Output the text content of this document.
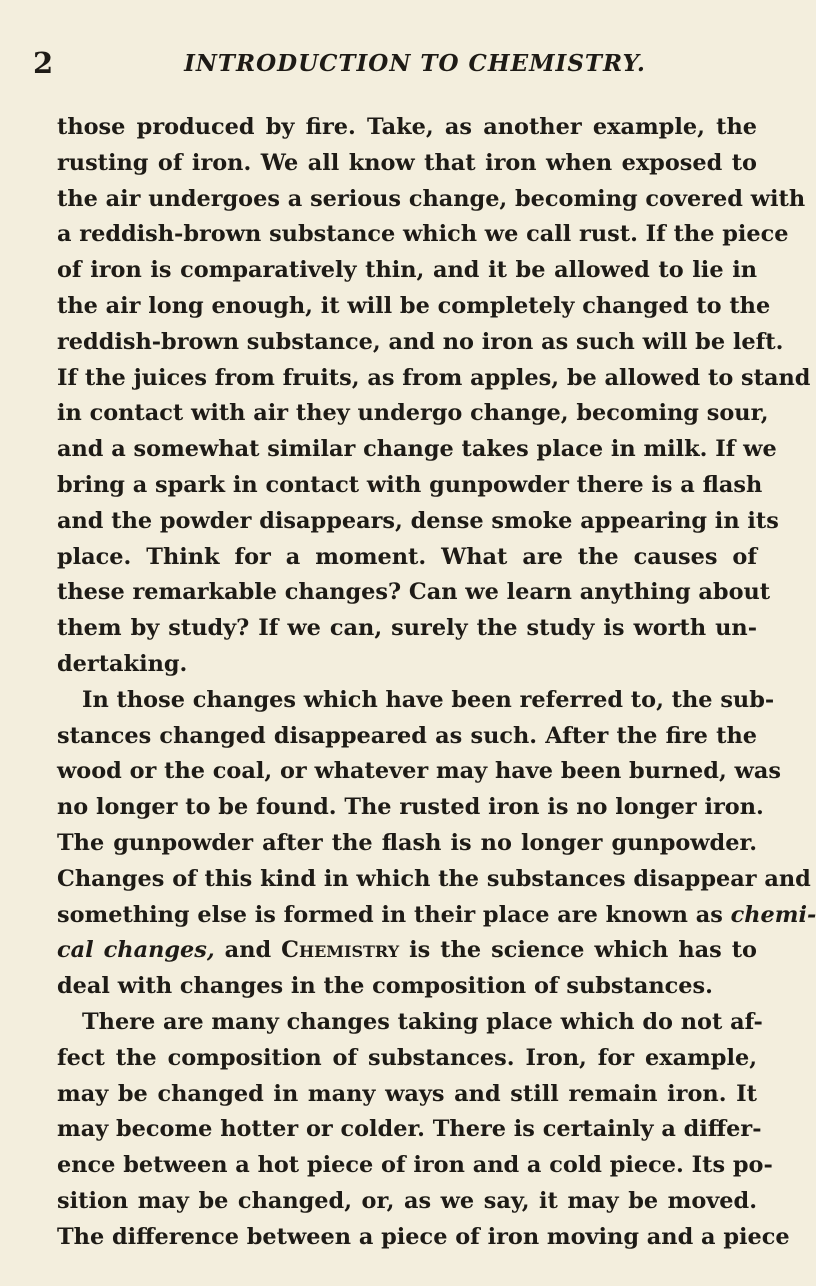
2	INTRODUCTION TO CHEMISTRY.
those produced by fire. Take, as another example, the
rusting of iron. We all know that iron when exposed to
the air undergoes a serious change, becoming covered with
a reddish-brown substance which we call rust. If the piece
of iron is comparatively thin, and it be allowed to lie in
the air long enough, it will be completely changed to the
reddish-brown substance, and no iron as such will be left.
If the juices from fruits, as from apples, be allowed to stand
in contact with air they undergo change, becoming sour,
and a somewhat similar change takes place in milk. If we
bring a spark in contact with gunpowder there is a flash
and the powder disappears, dense smoke appearing in its
place. Think for a moment. What are the causes of
these remarkable changes? Can we learn anything about
them by study? If we can, surely the study is worth un-
dertaking.
In those changes which have been referred to, the sub-
stances changed disappeared as such. After the fire the
wood or the coal, or whatever may have been burned, was
no longer to be found. The rusted iron is no longer iron.
The gunpowder after the flash is no longer gunpowder.
Changes of this kind in which the substances disappear and
something else is formed in their place are known as chemi-
cal changes, and Chemistry is the science which has to
deal with changes in the composition of substances.
There are many changes taking place which do not af-
fect the composition of substances. Iron, for example,
may be changed in many ways and still remain iron. It
may become hotter or colder. There is certainly a differ-
ence between a hot piece of iron and a cold piece. Its po-
sition may be changed, or, as we say, it may be moved.
The difference between a piece of iron moving and a piece
